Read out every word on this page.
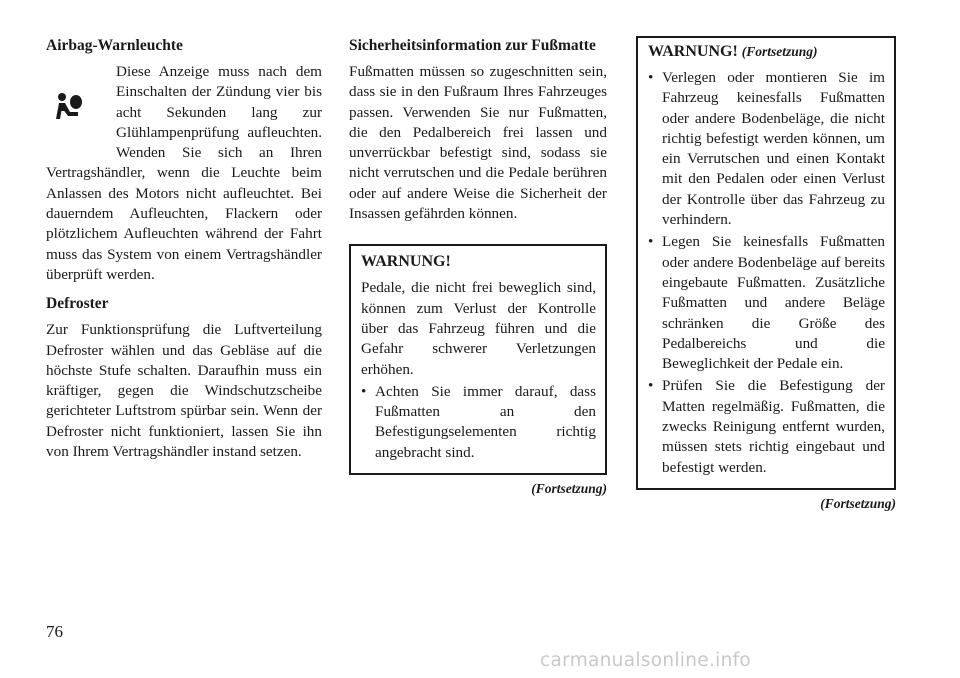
Airbag-Warnleuchte

Diese Anzeige muss nach dem Einschalten der Zündung vier bis acht Sekunden lang zur Glühlampenprüfung aufleuchten. Wenden Sie sich an Ihren Vertragshändler, wenn die Leuchte beim Anlassen des Motors nicht aufleuchtet. Bei dauerndem Aufleuchten, Flackern oder plötzlichem Aufleuchten während der Fahrt muss das System von einem Vertragshändler überprüft werden.

Defroster

Zur Funktionsprüfung die Luftverteilung Defroster wählen und das Gebläse auf die höchste Stufe schalten. Daraufhin muss ein kräftiger, gegen die Windschutzscheibe gerichteter Luftstrom spürbar sein. Wenn der Defroster nicht funktioniert, lassen Sie ihn von Ihrem Vertragshändler instand setzen.

Sicherheitsinformation zur Fußmatte

Fußmatten müssen so zugeschnitten sein, dass sie in den Fußraum Ihres Fahrzeuges passen. Verwenden Sie nur Fußmatten, die den Pedalbereich frei lassen und unverrückbar befestigt sind, sodass sie nicht verrutschen und die Pedale berühren oder auf andere Weise die Sicherheit der Insassen gefährden können.

WARNUNG!

Pedale, die nicht frei beweglich sind, können zum Verlust der Kontrolle über das Fahrzeug führen und die Gefahr schwerer Verletzungen erhöhen.

• Achten Sie immer darauf, dass Fußmatten an den Befestigungselementen richtig angebracht sind.
(Fortsetzung)
WARNUNG! (Fortsetzung)
• Verlegen oder montieren Sie im Fahrzeug keinesfalls Fußmatten oder andere Bodenbeläge, die nicht richtig befestigt werden können, um ein Verrutschen und einen Kontakt mit den Pedalen oder einen Verlust der Kontrolle über das Fahrzeug zu verhindern.
• Legen Sie keinesfalls Fußmatten oder andere Bodenbeläge auf bereits eingebaute Fußmatten. Zusätzliche Fußmatten und andere Beläge schränken die Größe des Pedalbereichs und die Beweglichkeit der Pedale ein.
• Prüfen Sie die Befestigung der Matten regelmäßig. Fußmatten, die zwecks Reinigung entfernt wurden, müssen stets richtig eingebaut und befestigt werden.
(Fortsetzung)
76
carmanualsonline.info
